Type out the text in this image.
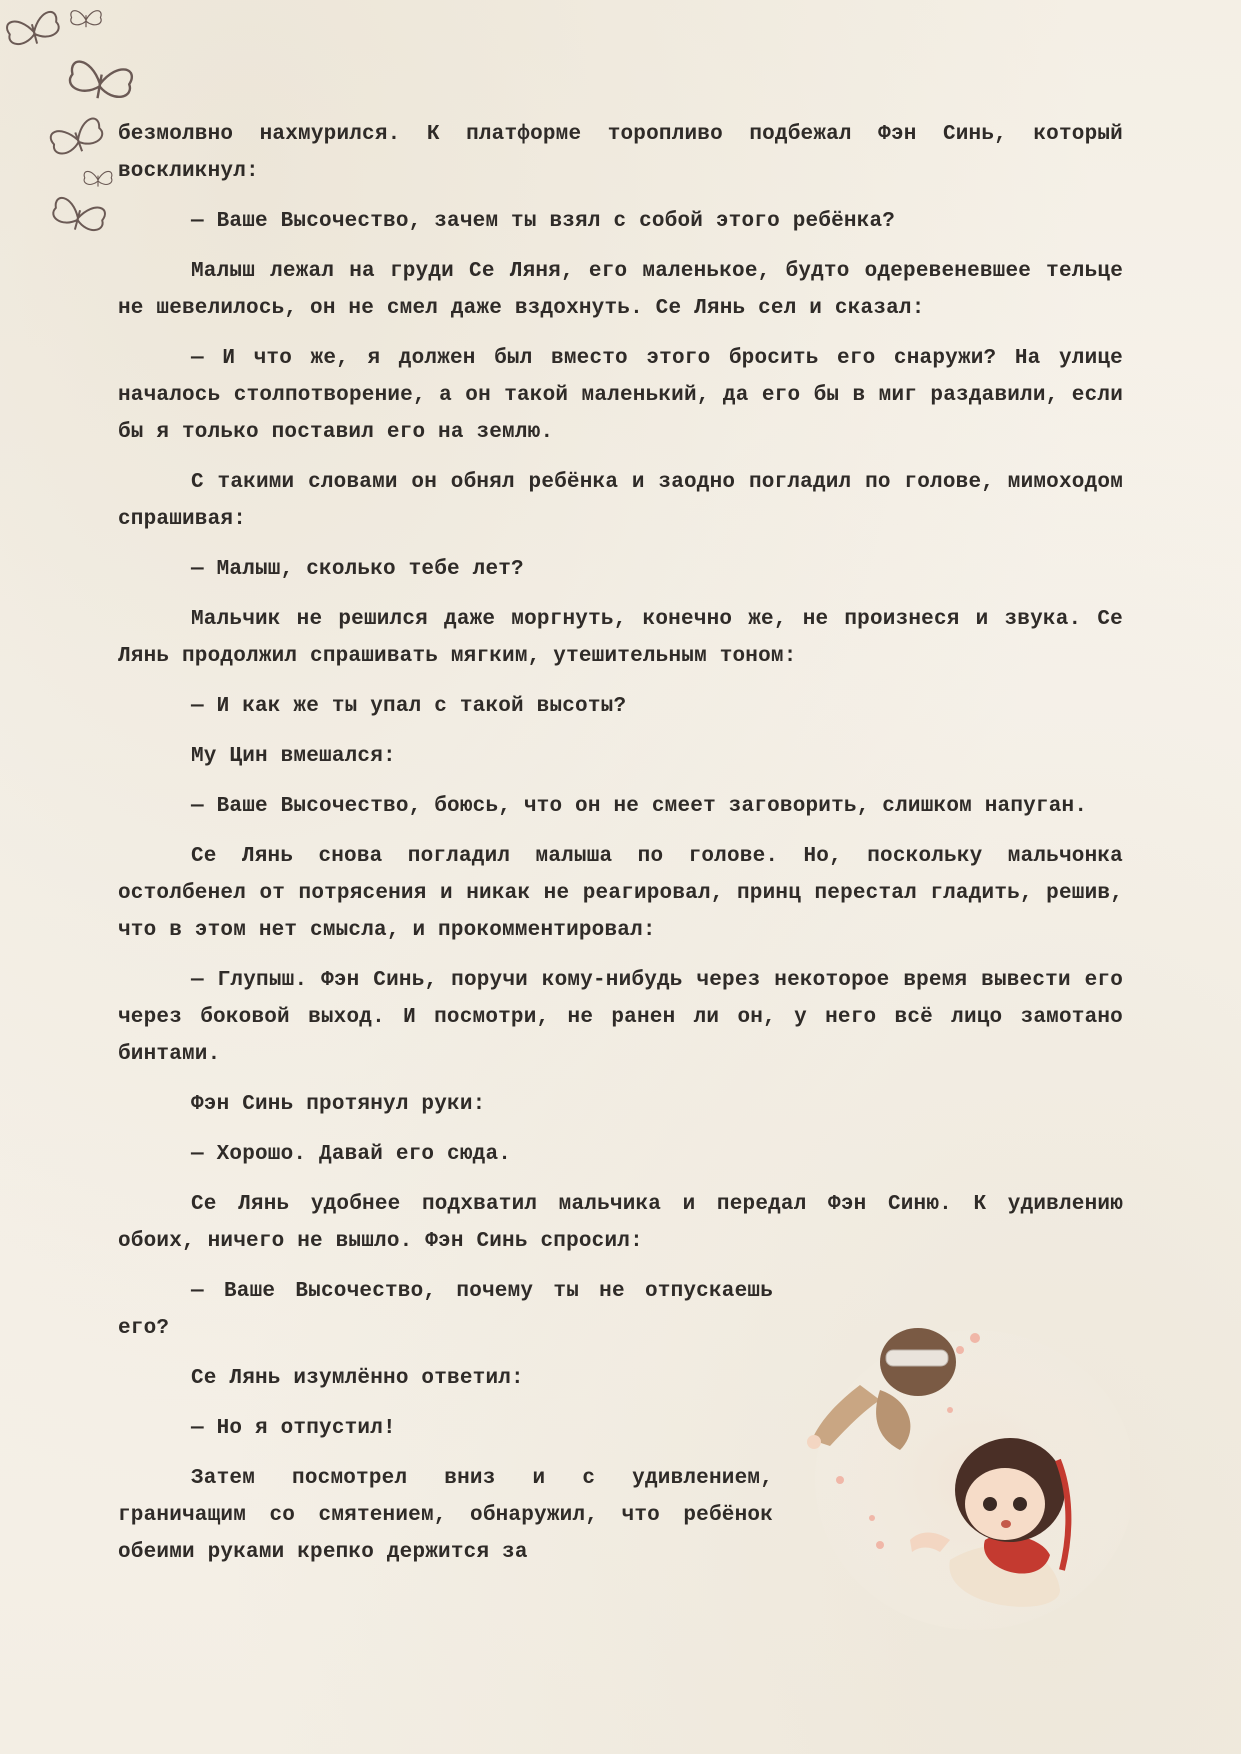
безмолвно нахмурился. К платформе торопливо подбежал Фэн Синь, который воскликнул:

— Ваше Высочество, зачем ты взял с собой этого ребёнка?

Малыш лежал на груди Се Ляня, его маленькое, будто одеревеневшее тельце не шевелилось, он не смел даже вздохнуть. Се Лянь сел и сказал:

— И что же, я должен был вместо этого бросить его снаружи? На улице началось столпотворение, а он такой маленький, да его бы в миг раздавили, если бы я только поставил его на землю.

С такими словами он обнял ребёнка и заодно погладил по голове, мимоходом спрашивая:

— Малыш, сколько тебе лет?

Мальчик не решился даже моргнуть, конечно же, не произнеся и звука. Се Лянь продолжил спрашивать мягким, утешительным тоном:

— И как же ты упал с такой высоты?

Му Цин вмешался:

— Ваше Высочество, боюсь, что он не смеет заговорить, слишком напуган.

Се Лянь снова погладил малыша по голове. Но, поскольку мальчонка остолбенел от потрясения и никак не реагировал, принц перестал гладить, решив, что в этом нет смысла, и прокомментировал:

— Глупыш. Фэн Синь, поручи кому-нибудь через некоторое время вывести его через боковой выход. И посмотри, не ранен ли он, у него всё лицо замотано бинтами.

Фэн Синь протянул руки:

— Хорошо. Давай его сюда.

Се Лянь удобнее подхватил мальчика и передал Фэн Синю. К удивлению обоих, ничего не вышло. Фэн Синь спросил:

— Ваше Высочество, почему ты не отпускаешь его?

Се Лянь изумлённо ответил:

— Но я отпустил!

Затем посмотрел вниз и с удивлением, граничащим со смятением, обнаружил, что ребёнок обеими руками крепко держится за
